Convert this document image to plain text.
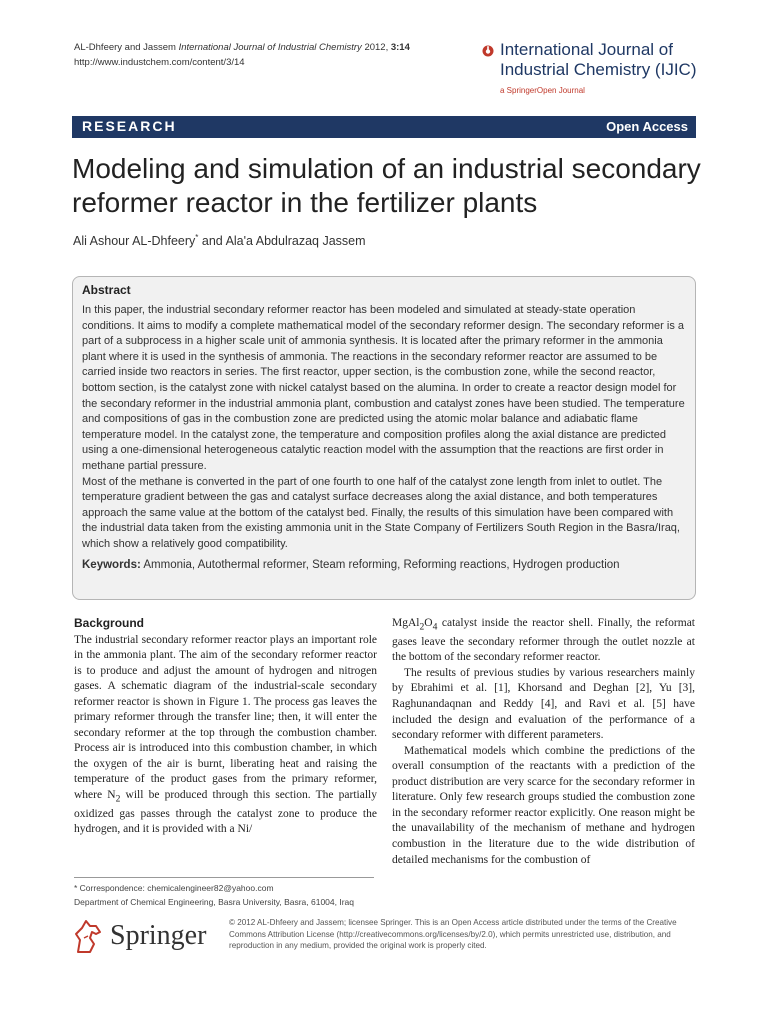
AL-Dhfeery and Jassem International Journal of Industrial Chemistry 2012, 3:14
http://www.industchem.com/content/3/14
International Journal of
Industrial Chemistry (IJIC)
a SpringerOpen Journal
RESEARCH	Open Access
Modeling and simulation of an industrial secondary reformer reactor in the fertilizer plants
Ali Ashour AL-Dhfeery* and Ala'a Abdulrazaq Jassem
Abstract
In this paper, the industrial secondary reformer reactor has been modeled and simulated at steady-state operation conditions. It aims to modify a complete mathematical model of the secondary reformer design. The secondary reformer is a part of a subprocess in a higher scale unit of ammonia synthesis. It is located after the primary reformer in the ammonia plant where it is used in the synthesis of ammonia. The reactions in the secondary reformer reactor are assumed to be carried inside two reactors in series. The first reactor, upper section, is the combustion zone, while the second reactor, bottom section, is the catalyst zone with nickel catalyst based on the alumina. In order to create a reactor design model for the secondary reformer in the industrial ammonia plant, combustion and catalyst zones have been studied. The temperature and compositions of gas in the combustion zone are predicted using the atomic molar balance and adiabatic flame temperature model. In the catalyst zone, the temperature and composition profiles along the axial distance are predicted using a one-dimensional heterogeneous catalytic reaction model with the assumption that the reactions are first order in methane partial pressure.
Most of the methane is converted in the part of one fourth to one half of the catalyst zone length from inlet to outlet. The temperature gradient between the gas and catalyst surface decreases along the axial distance, and both temperatures approach the same value at the bottom of the catalyst bed. Finally, the results of this simulation have been compared with the industrial data taken from the existing ammonia unit in the State Company of Fertilizers South Region in the Basra/Iraq, which show a relatively good compatibility.
Keywords: Ammonia, Autothermal reformer, Steam reforming, Reforming reactions, Hydrogen production
Background

The industrial secondary reformer reactor plays an important role in the ammonia plant. The aim of the secondary reformer reactor is to produce and adjust the amount of hydrogen and nitrogen gases. A schematic diagram of the industrial-scale secondary reformer reactor is shown in Figure 1. The process gas leaves the primary reformer through the transfer line; then, it will enter the secondary reformer at the top through the combustion chamber. Process air is introduced into this combustion chamber, in which the oxygen of the air is burnt, liberating heat and raising the temperature of the product gases from the primary reformer, where $N_2$ will be produced through this section. The partially oxidized gas passes through the catalyst zone to produce the hydrogen, and it is provided with a Ni/

$MgAl_2O_4$ catalyst inside the reactor shell. Finally, the reformat gases leave the secondary reformer through the outlet nozzle at the bottom of the secondary reformer reactor.

The results of previous studies by various researchers mainly by Ebrahimi et al. [1], Khorsand and Deghan [2], Yu [3], Raghunandaqnan and Reddy [4], and Ravi et al. [5] have included the design and evaluation of the performance of a secondary reformer with different parameters.

Mathematical models which combine the predictions of the overall consumption of the reactants with a prediction of the product distribution are very scarce for the secondary reformer in literature. Only few research groups studied the combustion zone in the secondary reformer reactor explicitly. One reason might be the unavailability of the mechanism of methane and hydrogen combustion in the literature due to the wide distribution of detailed mechanisms for the combustion of

* Correspondence: chemicalengineer82@yahoo.com
Department of Chemical Engineering, Basra University, Basra, 61004, Iraq
Springer	© 2012 AL-Dhfeery and Jassem; licensee Springer. This is an Open Access article distributed under the terms of the Creative Commons Attribution License (http://creativecommons.org/licenses/by/2.0), which permits unrestricted use, distribution, and reproduction in any medium, provided the original work is properly cited.
